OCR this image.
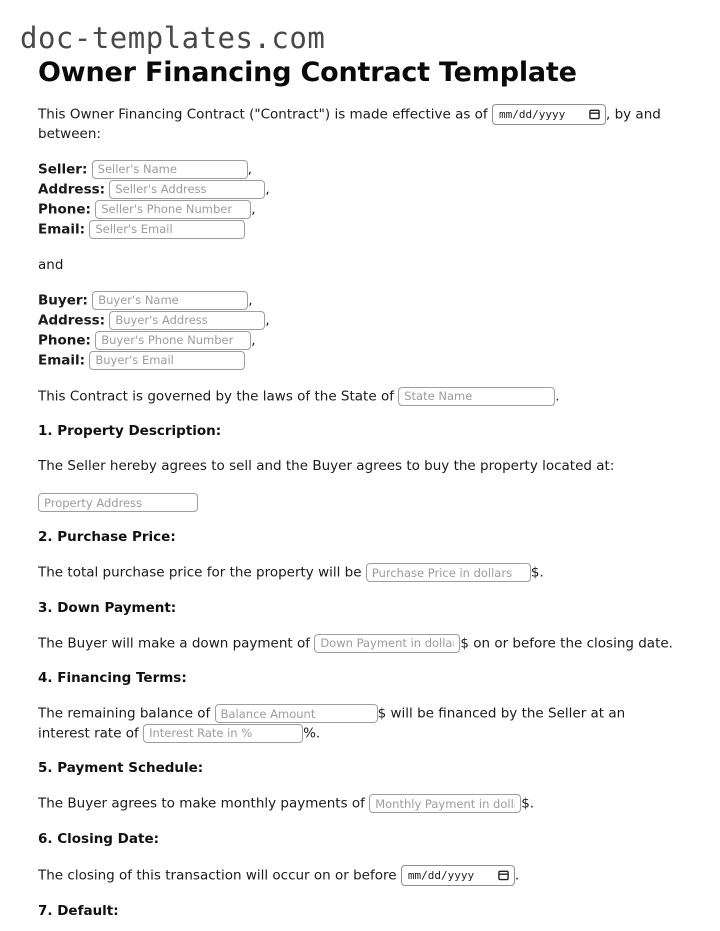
doc-templates.com
Owner Financing Contract Template

This Owner Financing Contract ("Contract") is made effective as of mm/dd/yyyy	, by and between:

Seller: Seller's Name	,
Address: Seller's Address	,
Phone: Seller's Phone Number	,
Email: Seller's Email

and

Buyer: Buyer's Name	,
Address: Buyer's Address	,
Phone: Buyer's Phone Number	,
Email: Buyer's Email

This Contract is governed by the laws of the State of State Name	.

1. Property Description:

The Seller hereby agrees to sell and the Buyer agrees to buy the property located at:

Property Address
2. Purchase Price:

The total purchase price for the property will be Purchase Price in dollars	$.

3. Down Payment:

The Buyer will make a down payment of Down Payment in dollars	$ on or before the closing date.

4. Financing Terms:

The remaining balance of Balance Amount	$ will be financed by the Seller at an interest rate of Interest Rate in %	%.

5. Payment Schedule:

The Buyer agrees to make monthly payments of Monthly Payment in dollars	$.

6. Closing Date:

The closing of this transaction will occur on or before mm/dd/yyyy	.

7. Default:
